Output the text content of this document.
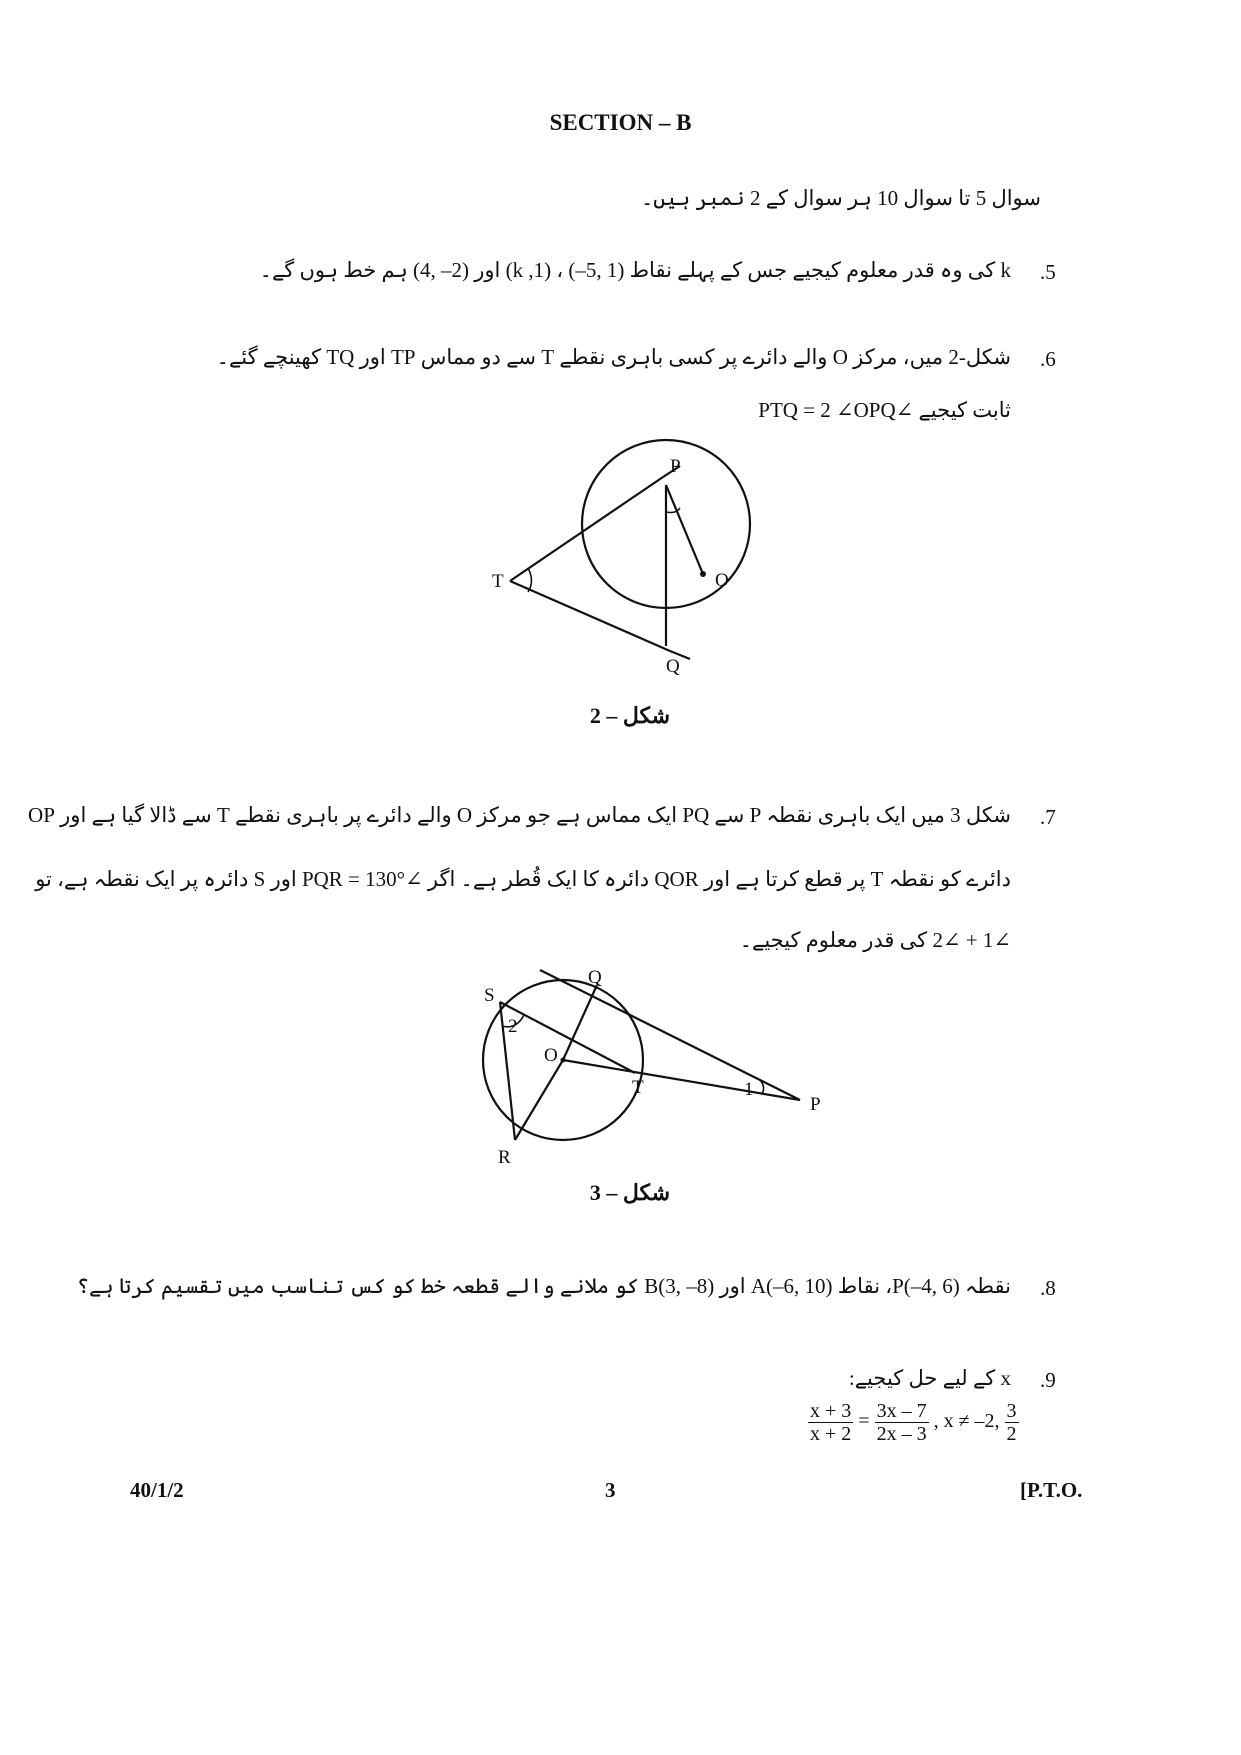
SECTION – B
سوال 5 تا سوال 10 ہر سوال کے 2 نمبر ہیں۔
.5
k کی وہ قدر معلوم کیجیے جس کے پہلے نقاط (1 ,5–) ، (1, k) اور (2– ,4) ہم خط ہوں گے۔
.6
شکل-2 میں، مرکز O والے دائرے پر کسی باہری نقطے T سے دو مماس TP اور TQ کھینچے گئے۔
ثابت کیجیے ∠PTQ = 2 ∠OPQ
P
T	O
Q
شکل – 2
.7
شکل 3 میں ایک باہری نقطہ P سے PQ ایک مماس ہے جو مرکز O والے دائرے پر باہری نقطے T سے ڈالا گیا ہے اور OP
دائرے کو نقطہ T پر قطع کرتا ہے اور QOR دائرہ کا ایک قُطر ہے۔ اگر ∠PQR = 130° اور S دائرہ پر ایک نقطہ ہے، تو
∠1 + ∠2 کی قدر معلوم کیجیے۔
Q
S
O
T
P
R
2
1
شکل – 3
.8
نقطہ P(–4, 6)، نقاط A(–6, 10) اور B(3, –8) کو ملانے والے قطعہ خط کو کس تناسب میں تقسیم کرتا ہے؟
.9
x کے لیے حل کیجیے:
$\frac{x + 3}{x + 2} = \frac{3x - 7}{2x - 3}$ , x ≠ –2, $\frac{3}{2}$
40/1/2	3	[P.T.O.
